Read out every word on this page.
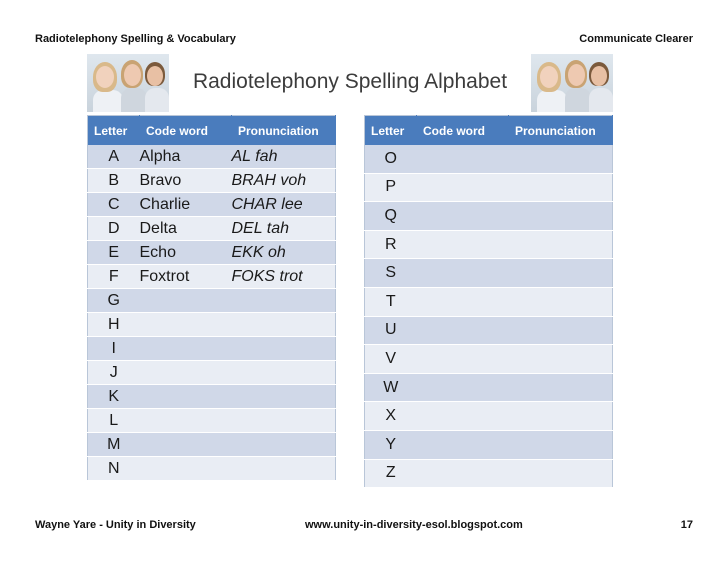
Radiotelephony Spelling & Vocabulary	Communicate Clearer
Radiotelephony Spelling Alphabet
Letter	Code word	Pronunciation
A	Alpha	AL fah
B	Bravo	BRAH voh
C	Charlie	CHAR lee
D	Delta	DEL tah
E	Echo	EKK oh
F	Foxtrot	FOKS trot
G		
H		
I		
J		
K		
L		
M		
N		
Letter	Code word	Pronunciation
O		
P		
Q		
R		
S		
T		
U		
V		
W		
X		
Y		
Z		
Wayne Yare - Unity in Diversity	www.unity-in-diversity-esol.blogspot.com	17
